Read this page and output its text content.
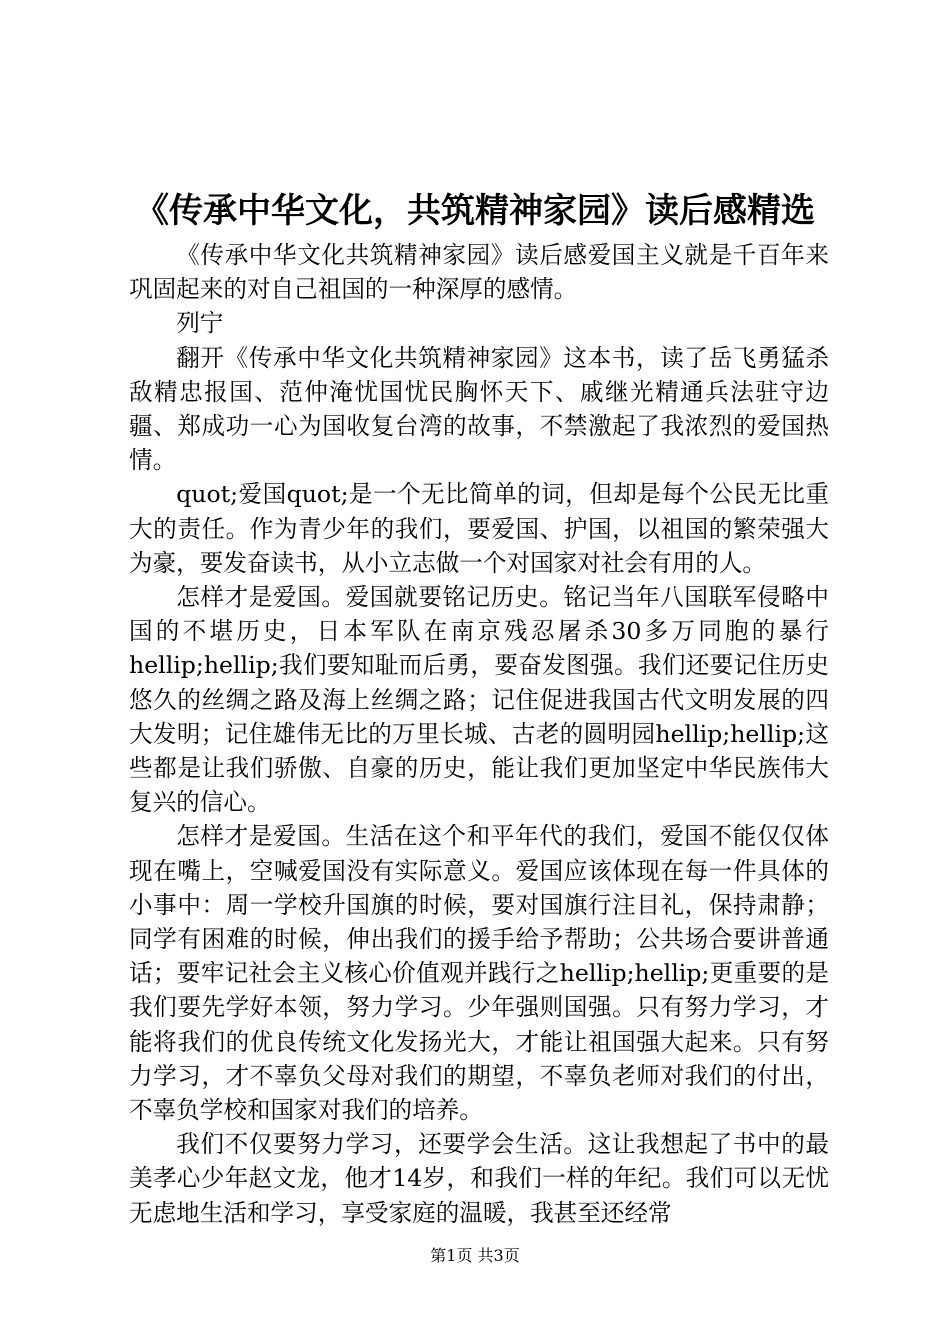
《传承中华文化，共筑精神家园》读后感精选

《传承中华文化共筑精神家园》读后感爱国主义就是千百年来巩固起来的对自己祖国的一种深厚的感情。

列宁

翻开《传承中华文化共筑精神家园》这本书，读了岳飞勇猛杀敌精忠报国、范仲淹忧国忧民胸怀天下、戚继光精通兵法驻守边疆、郑成功一心为国收复台湾的故事，不禁激起了我浓烈的爱国热情。

quot;爱国quot;是一个无比简单的词，但却是每个公民无比重大的责任。作为青少年的我们，要爱国、护国，以祖国的繁荣强大为豪，要发奋读书，从小立志做一个对国家对社会有用的人。

怎样才是爱国。爱国就要铭记历史。铭记当年八国联军侵略中国的不堪历史，日本军队在南京残忍屠杀30多万同胞的暴行hellip;hellip;我们要知耻而后勇，要奋发图强。我们还要记住历史悠久的丝绸之路及海上丝绸之路；记住促进我国古代文明发展的四大发明；记住雄伟无比的万里长城、古老的圆明园hellip;hellip;这些都是让我们骄傲、自豪的历史，能让我们更加坚定中华民族伟大复兴的信心。

怎样才是爱国。生活在这个和平年代的我们，爱国不能仅仅体现在嘴上，空喊爱国没有实际意义。爱国应该体现在每一件具体的小事中：周一学校升国旗的时候，要对国旗行注目礼，保持肃静；同学有困难的时候，伸出我们的援手给予帮助；公共场合要讲普通话；要牢记社会主义核心价值观并践行之hellip;hellip;更重要的是我们要先学好本领，努力学习。少年强则国强。只有努力学习，才能将我们的优良传统文化发扬光大，才能让祖国强大起来。只有努力学习，才不辜负父母对我们的期望，不辜负老师对我们的付出，不辜负学校和国家对我们的培养。

我们不仅要努力学习，还要学会生活。这让我想起了书中的最美孝心少年赵文龙，他才14岁，和我们一样的年纪。我们可以无忧无虑地生活和学习，享受家庭的温暖，我甚至还经常

第1页 共3页
